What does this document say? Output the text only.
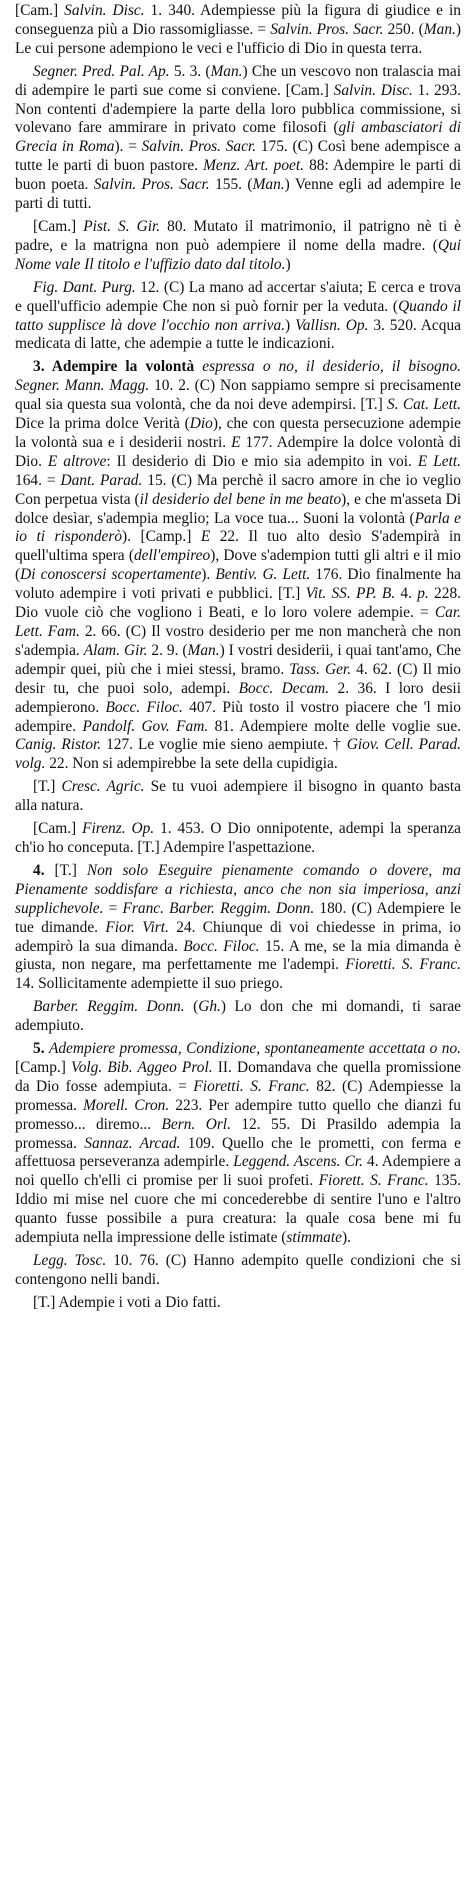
[Cam.] Salvin. Disc. 1. 340. Adempiesse più la figura di giudice e in conseguenza più a Dio rassomigliasse. = Salvin. Pros. Sacr. 250. (Man.) Le cui persone adempiono le veci e l'ufficio di Dio in questa terra.

Segner. Pred. Pal. Ap. 5. 3. (Man.) Che un vescovo non tralascia mai di adempire le parti sue come si conviene. [Cam.] Salvin. Disc. 1. 293. Non contenti d'adempiere la parte della loro pubblica commissione, si volevano fare ammirare in privato come filosofi (gli ambasciatori di Grecia in Roma). = Salvin. Pros. Sacr. 175. (C) Così bene adempisce a tutte le parti di buon pastore. Menz. Art. poet. 88: Adempire le parti di buon poeta. Salvin. Pros. Sacr. 155. (Man.) Venne egli ad adempire le parti di tutti.

[Cam.] Pist. S. Gir. 80. Mutato il matrimonio, il patrigno nè ti è padre, e la matrigna non può adempiere il nome della madre. (Qui Nome vale Il titolo e l'uffizio dato dal titolo.)

Fig. Dant. Purg. 12. (C) La mano ad accertar s'aiuta; E cerca e trova e quell'ufficio adempie Che non si può fornir per la veduta. (Quando il tatto supplisce là dove l'occhio non arriva.) Vallisn. Op. 3. 520. Acqua medicata di latte, che adempie a tutte le indicazioni.

3. Adempire la volontà espressa o no, il desiderio, il bisogno. Segner. Mann. Magg. 10. 2. (C) Non sappiamo sempre si precisamente qual sia questa sua volontà, che da noi deve adempirsi. [T.] S. Cat. Lett. Dice la prima dolce Verità (Dio), che con questa persecuzione adempie la volontà sua e i desiderii nostri. E 177. Adempire la dolce volontà di Dio. E altrove: Il desiderio di Dio e mio sia adempito in voi. E Lett. 164. = Dant. Parad. 15. (C) Ma perchè il sacro amore in che io veglio Con perpetua vista (il desiderio del bene in me beato), e che m'asseta Di dolce desìar, s'adempia meglio; La voce tua... Suoni la volontà (Parla e io ti risponderò). [Camp.] E 22. Il tuo alto desìo S'adempirà in quell'ultima spera (dell'empireo), Dove s'adempion tutti gli altri e il mio (Di conoscersi scopertamente). Bentiv. G. Lett. 176. Dio finalmente ha voluto adempire i voti privati e pubblici. [T.] Vit. SS. PP. B. 4. p. 228. Dio vuole ciò che vogliono i Beati, e lo loro volere adempie. = Car. Lett. Fam. 2. 66. (C) Il vostro desiderio per me non mancherà che non s'adempia. Alam. Gir. 2. 9. (Man.) I vostri desiderii, i quai tant'amo, Che adempir quei, più che i miei stessi, bramo. Tass. Ger. 4. 62. (C) Il mio desir tu, che puoi solo, adempi. Bocc. Decam. 2. 36. I loro desii adempierono. Bocc. Filoc. 407. Più tosto il vostro piacere che 'l mio adempire. Pandolf. Gov. Fam. 81. Adempiere molte delle voglie sue. Canig. Ristor. 127. Le voglie mie sieno aempiute. † Giov. Cell. Parad. volg. 22. Non si adempirebbe la sete della cupidigia.

[T.] Cresc. Agric. Se tu vuoi adempiere il bisogno in quanto basta alla natura.

[Cam.] Firenz. Op. 1. 453. O Dio onnipotente, adempi la speranza ch'io ho conceputa. [T.] Adempire l'aspettazione.

4. [T.] Non solo Eseguire pienamente comando o dovere, ma Pienamente soddisfare a richiesta, anco che non sia imperiosa, anzi supplichevole. = Franc. Barber. Reggim. Donn. 180. (C) Adempiere le tue dimande. Fior. Virt. 24. Chiunque di voi chiedesse in prima, io adempirò la sua dimanda. Bocc. Filoc. 15. A me, se la mia dimanda è giusta, non negare, ma perfettamente me l'adempi. Fioretti. S. Franc. 14. Sollicitamente adempiette il suo priego.

Barber. Reggim. Donn. (Gh.) Lo don che mi domandi, ti sarae adempiuto.

5. Adempiere promessa, Condizione, spontaneamente accettata o no. [Camp.] Volg. Bib. Aggeo Prol. II. Domandava che quella promissione da Dio fosse adempiuta. = Fioretti. S. Franc. 82. (C) Adempiesse la promessa. Morell. Cron. 223. Per adempire tutto quello che dianzi fu promesso... diremo... Bern. Orl. 12. 55. Di Prasildo adempia la promessa. Sannaz. Arcad. 109. Quello che le prometti, con ferma e affettuosa perseveranza adempirle. Leggend. Ascens. Cr. 4. Adempiere a noi quello ch'elli ci promise per li suoi profeti. Fiorett. S. Franc. 135. Iddio mi mise nel cuore che mi concederebbe di sentire l'uno e l'altro quanto fusse possibile a pura creatura: la quale cosa bene mi fu adempiuta nella impressione delle istimate (stimmate).

Legg. Tosc. 10. 76. (C) Hanno adempito quelle condizioni che si contengono nelli bandi.

[T.] Adempie i voti a Dio fatti.
